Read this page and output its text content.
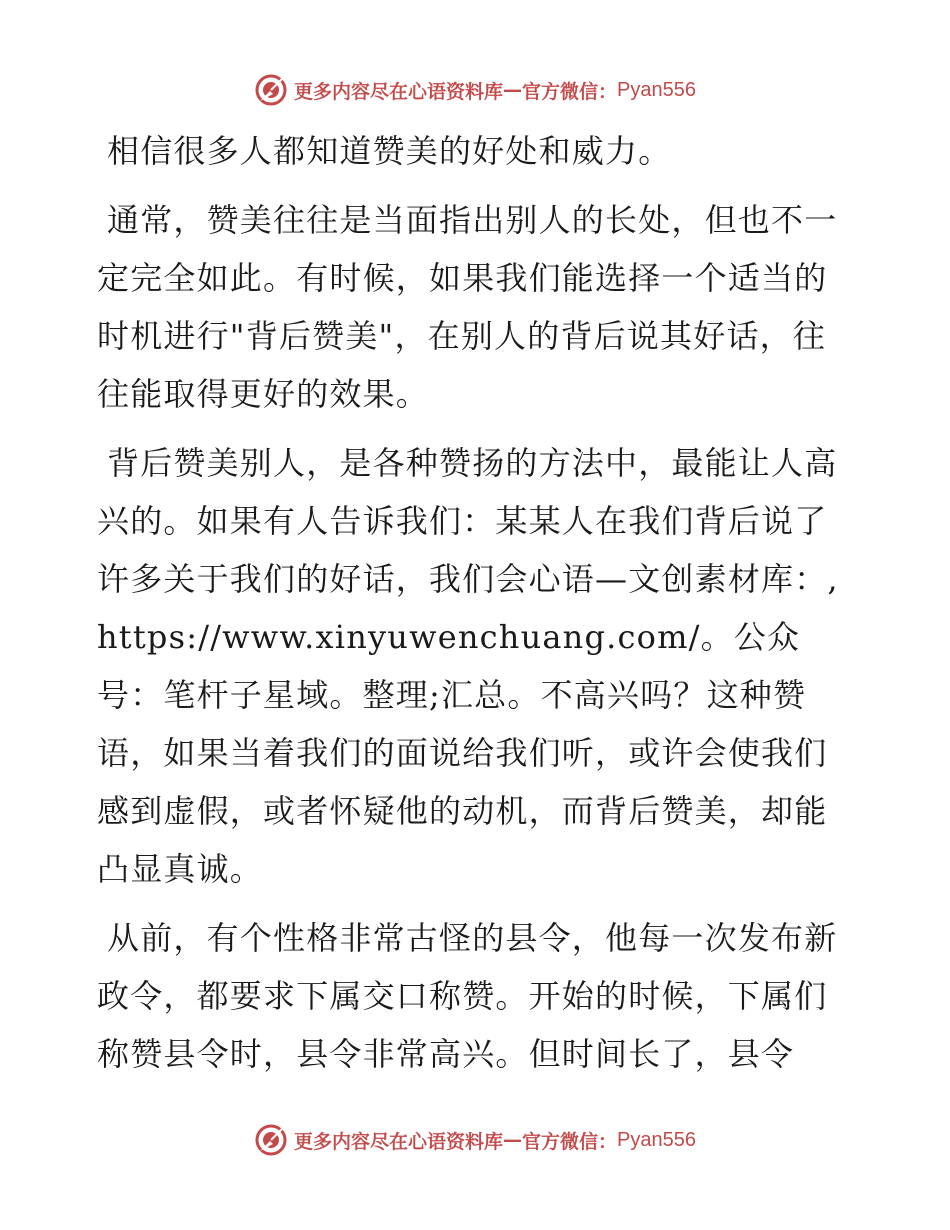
更多内容尽在心语资料库 — 官方微信： Pyan556

相信很多人都知道赞美的好处和威力。

通常，赞美往往是当面指出别人的长处，但也不一定完全如此。有时候，如果我们能选择一个适当的时机进行"背后赞美"，在别人的背后说其好话，往往能取得更好的效果。

背后赞美别人，是各种赞扬的方法中，最能让人高兴的。如果有人告诉我们：某某人在我们背后说了许多关于我们的好话，我们会心语—文创素材库：,https://www.xinyuwenchuang.com/。公众号：笔杆子星域。整理;汇总。不高兴吗？这种赞语，如果当着我们的面说给我们听，或许会使我们感到虚假，或者怀疑他的动机，而背后赞美，却能凸显真诚。

从前，有个性格非常古怪的县令，他每一次发布新政令，都要求下属交口称赞。开始的时候，下属们称赞县令时，县令非常高兴。但时间长了，县令

更多内容尽在心语资料库 — 官方微信： Pyan556
